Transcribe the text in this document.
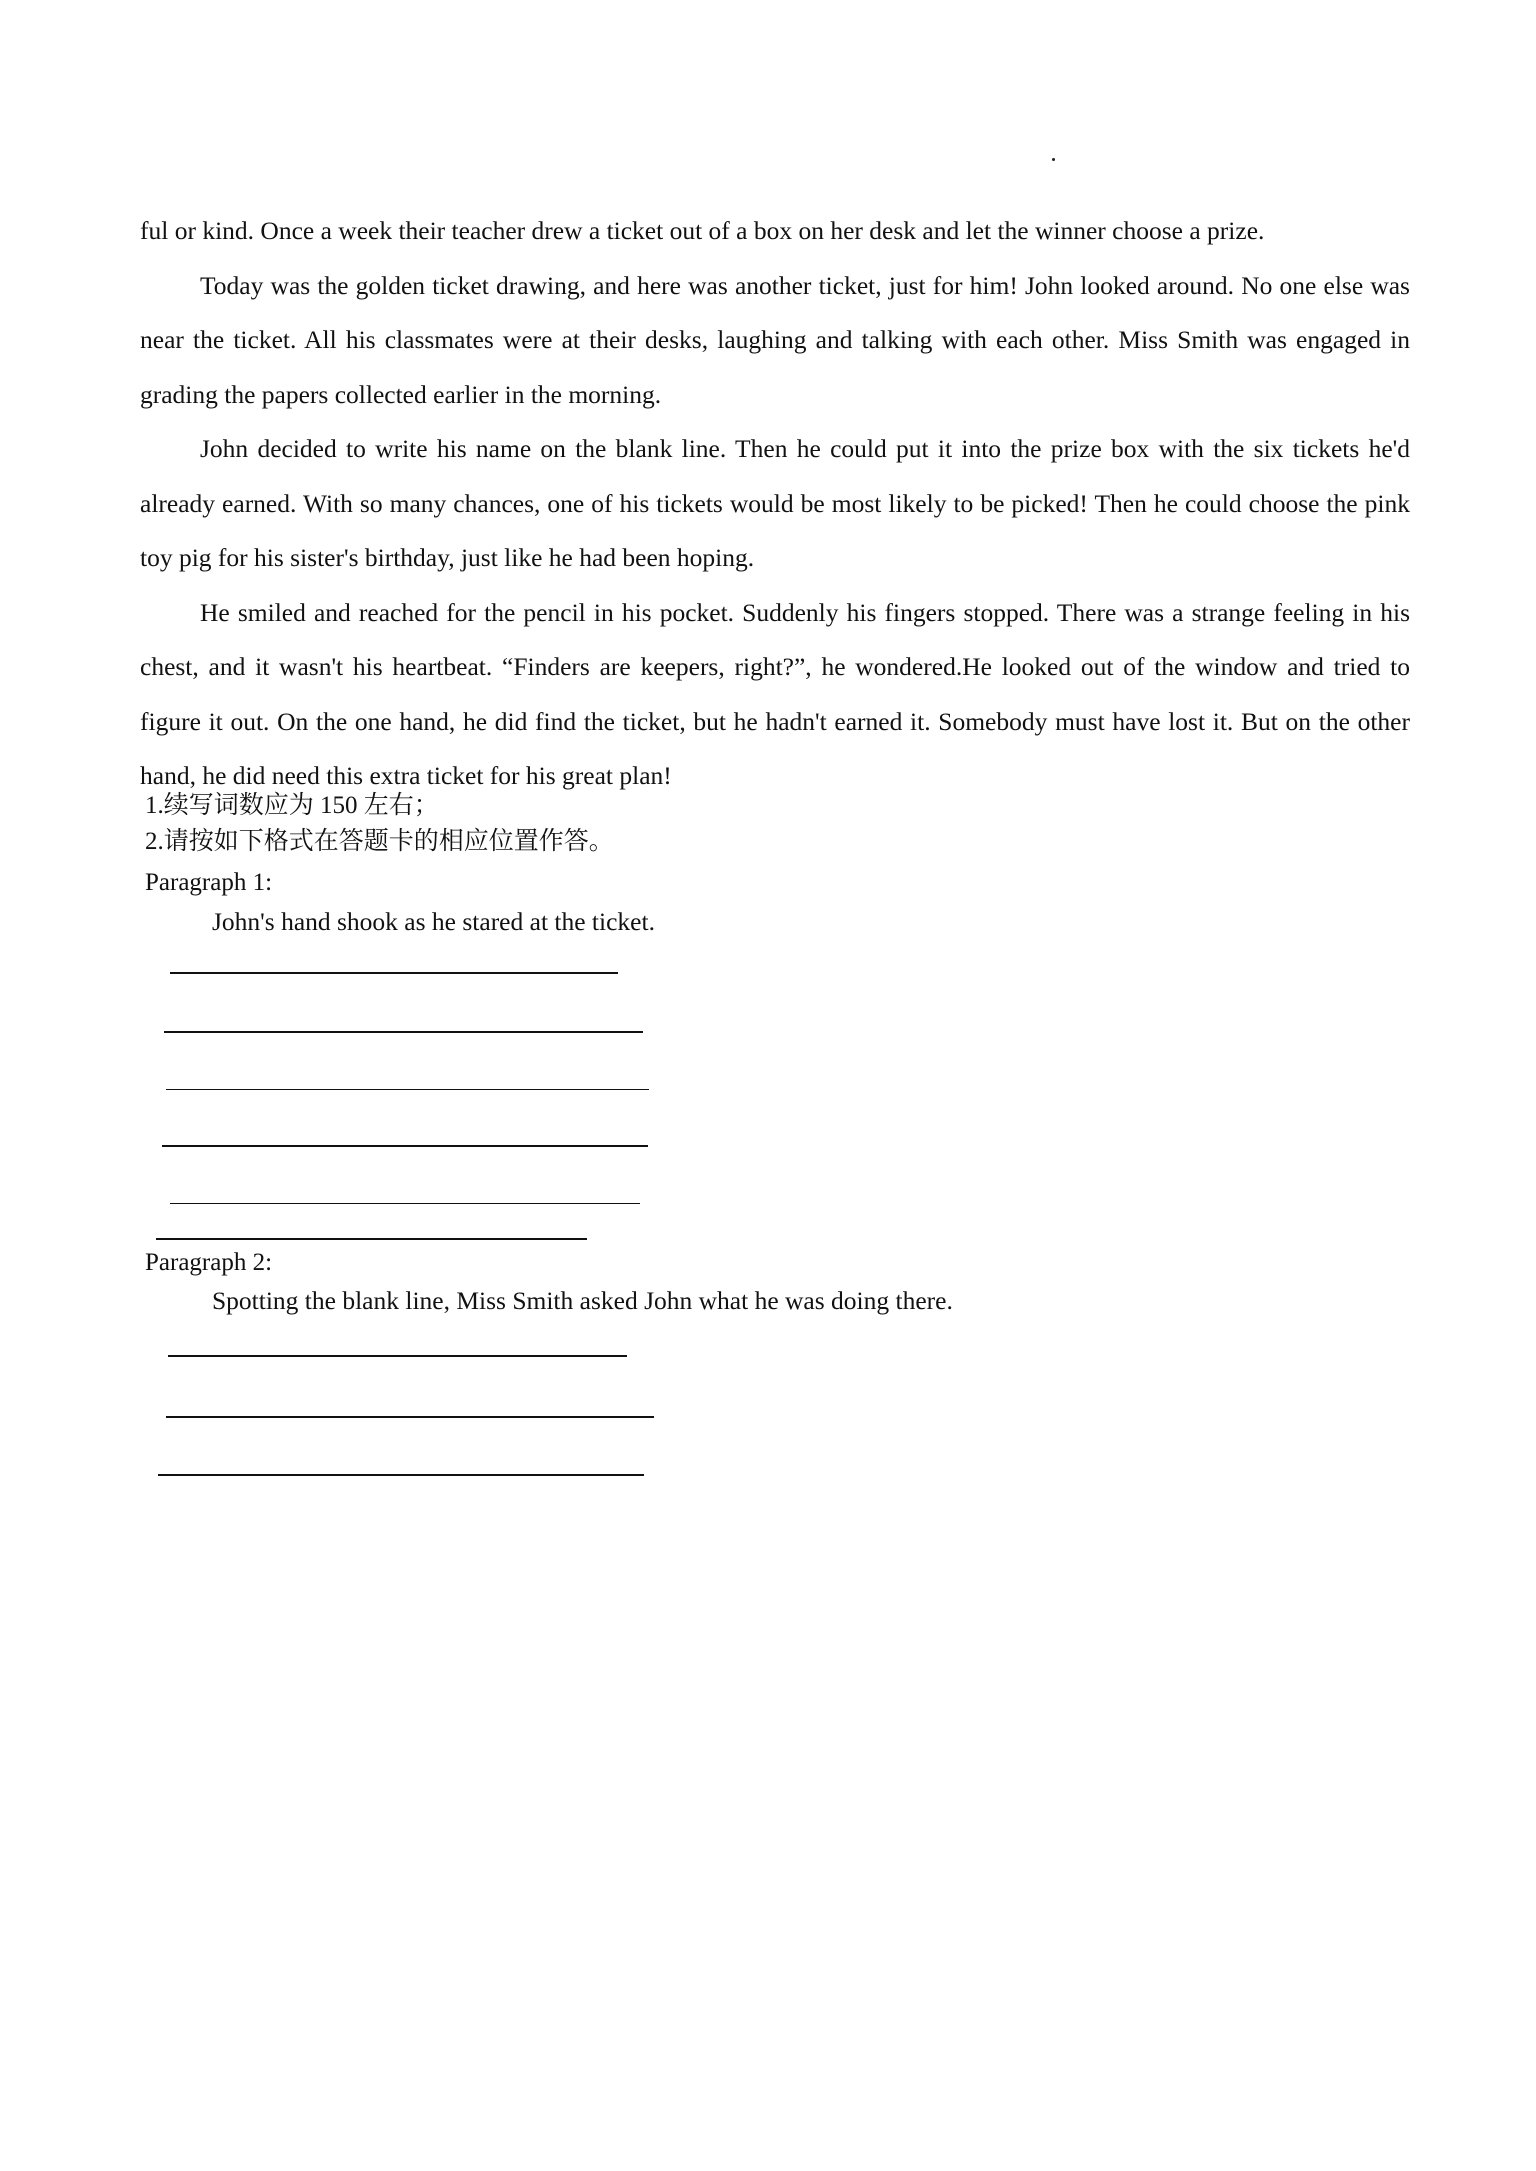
ful or kind. Once a week their teacher drew a ticket out of a box on her desk and let the winner choose a prize.

Today was the golden ticket drawing, and here was another ticket, just for him! John looked around. No one else was near the ticket. All his classmates were at their desks, laughing and talking with each other. Miss Smith was engaged in grading the papers collected earlier in the morning.

John decided to write his name on the blank line. Then he could put it into the prize box with the six tickets he'd already earned. With so many chances, one of his tickets would be most likely to be picked! Then he could choose the pink toy pig for his sister's birthday, just like he had been hoping.

He smiled and reached for the pencil in his pocket. Suddenly his fingers stopped. There was a strange feeling in his chest, and it wasn't his heartbeat. “Finders are keepers, right?”, he wondered.He looked out of the window and tried to figure it out. On the one hand, he did find the ticket, but he hadn't earned it. Somebody must have lost it. But on the other hand, he did need this extra ticket for his great plan!

1.续写词数应为 150 左右；
2.请按如下格式在答题卡的相应位置作答。
Paragraph 1:
John's hand shook as he stared at the ticket.
Paragraph 2:
Spotting the blank line, Miss Smith asked John what he was doing there.
